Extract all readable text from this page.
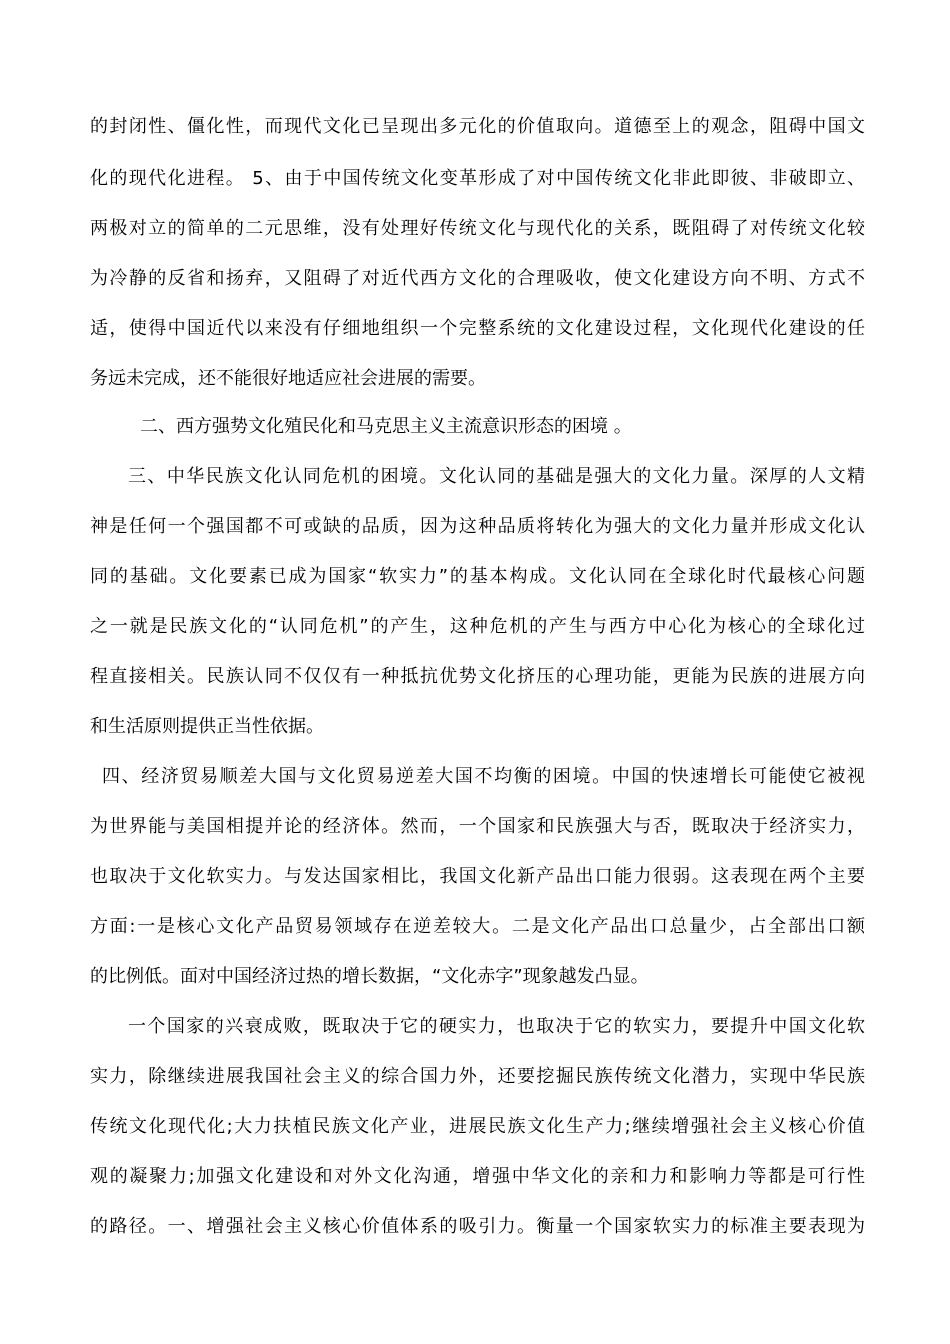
的封闭性、僵化性，而现代文化已呈现出多元化的价值取向。道德至上的观念，阻碍中国文
化的现代化进程。 5、由于中国传统文化变革形成了对中国传统文化非此即彼、非破即立、
两极对立的简单的二元思维，没有处理好传统文化与现代化的关系，既阻碍了对传统文化较
为冷静的反省和扬弃，又阻碍了对近代西方文化的合理吸收，使文化建设方向不明、方式不
适，使得中国近代以来没有仔细地组织一个完整系统的文化建设过程，文化现代化建设的任
务远未完成，还不能很好地适应社会进展的需要。
二、西方强势文化殖民化和马克思主义主流意识形态的困境 。
三、中华民族文化认同危机的困境。文化认同的基础是强大的文化力量。深厚的人文精
神是任何一个强国都不可或缺的品质，因为这种品质将转化为强大的文化力量并形成文化认
同的基础。文化要素已成为国家“软实力”的基本构成。文化认同在全球化时代最核心问题
之一就是民族文化的“认同危机”的产生，这种危机的产生与西方中心化为核心的全球化过
程直接相关。民族认同不仅仅有一种抵抗优势文化挤压的心理功能，更能为民族的进展方向
和生活原则提供正当性依据。
四、经济贸易顺差大国与文化贸易逆差大国不均衡的困境。中国的快速增长可能使它被视
为世界能与美国相提并论的经济体。然而，一个国家和民族强大与否，既取决于经济实力，
也取决于文化软实力。与发达国家相比，我国文化新产品出口能力很弱。这表现在两个主要
方面:一是核心文化产品贸易领域存在逆差较大。二是文化产品出口总量少，占全部出口额
的比例低。面对中国经济过热的增长数据，“文化赤字”现象越发凸显。
一个国家的兴衰成败，既取决于它的硬实力，也取决于它的软实力，要提升中国文化软
实力，除继续进展我国社会主义的综合国力外，还要挖掘民族传统文化潜力，实现中华民族
传统文化现代化;大力扶植民族文化产业，进展民族文化生产力;继续增强社会主义核心价值
观的凝聚力;加强文化建设和对外文化沟通，增强中华文化的亲和力和影响力等都是可行性
的路径。一、增强社会主义核心价值体系的吸引力。衡量一个国家软实力的标准主要表现为
